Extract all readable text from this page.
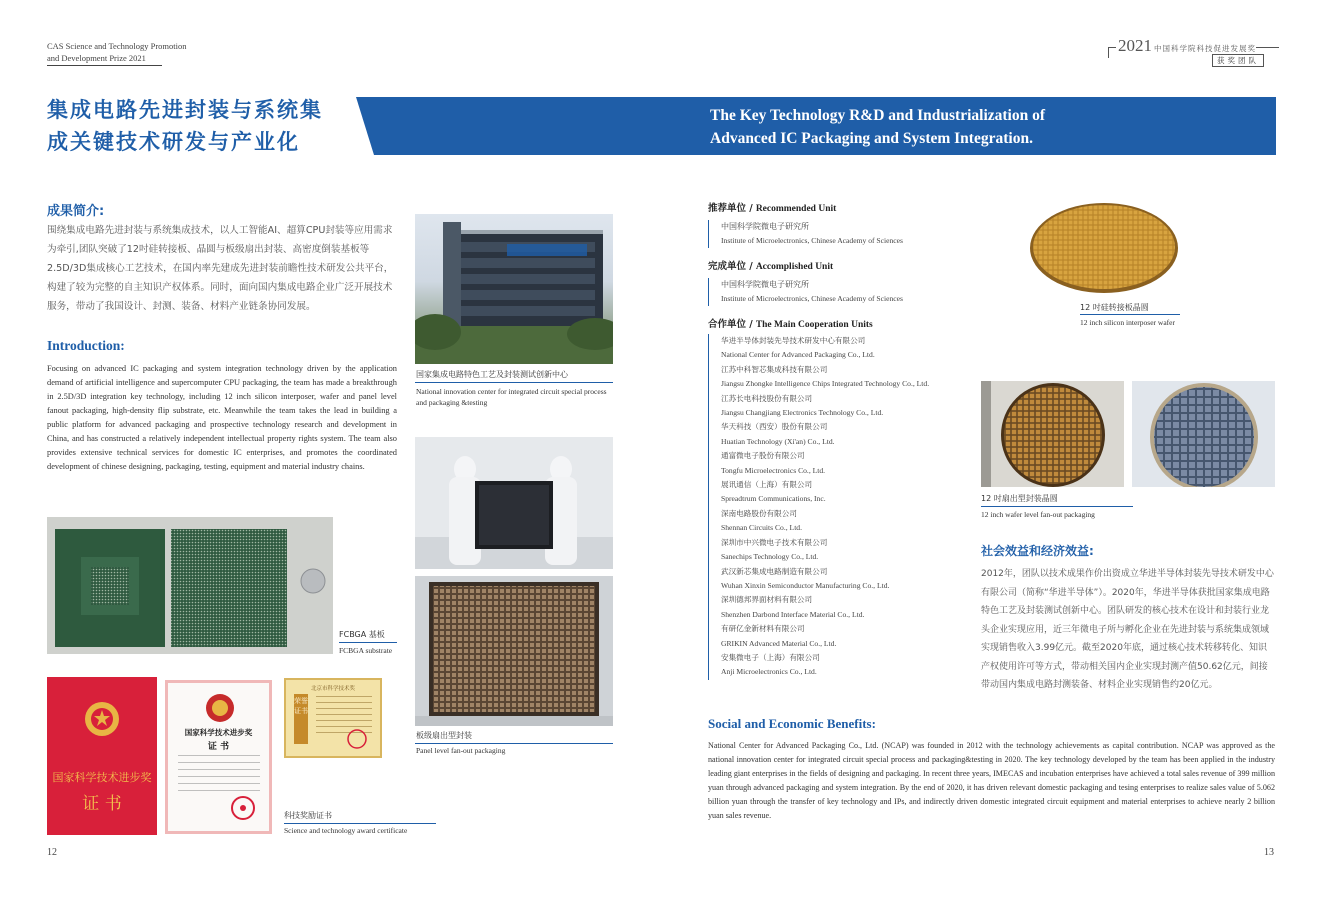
CAS Science and Technology Promotion
and Development Prize 2021
2021 中国科学院科技促进发展奖
获奖团队
集成电路先进封装与系统集
成关键技术研发与产业化
The Key Technology R&D and Industrialization of
Advanced IC Packaging and System Integration.
成果简介:
围绕集成电路先进封装与系统集成技术，以人工智能AI、超算CPU封装等应用需求为牵引,团队突破了12吋硅转接板、晶圆与板级扇出封装、高密度倒装基板等2.5D/3D集成核心工艺技术，在国内率先建成先进封装前瞻性技术研发公共平台，构建了较为完整的自主知识产权体系。同时，面向国内集成电路企业广泛开展技术服务，带动了我国设计、封测、装备、材料产业链条协同发展。
Introduction:
Focusing on advanced IC packaging and system integration technology driven by the application demand of artificial intelligence and supercomputer CPU packaging, the team has made a breakthrough in 2.5D/3D integration key technology, including 12 inch silicon interposer, wafer and panel level fanout packaging, high-density flip substrate, etc. Meanwhile the team takes the lead in building a public platform for advanced packaging and prospective technology research and development in China, and has constructed a relatively independent intellectual property rights system. The team also provides extensive technical services for domestic IC enterprises, and promotes the coordinated development of chinese designing, packaging, testing, equipment and material industry chains.
国家集成电路特色工艺及封装测试创新中心
National innovation center for integrated circuit special process and packaging &testing
板级扇出型封装
Panel level fan-out packaging
FCBGA 基板
FCBGA substrate
国家科学技术进步奖
证 书
国家科学技术进步奖
证 书
北京市科学技术奖
荣誉证书
科技奖励证书
Science and technology award certificate
12	13
推荐单位 / Recommended Unit
中国科学院微电子研究所
Institute of Microelectronics, Chinese Academy of Sciences
完成单位 / Accomplished Unit
中国科学院微电子研究所
Institute of Microelectronics, Chinese Academy of Sciences
合作单位 / The Main Cooperation Units
华进半导体封装先导技术研发中心有限公司
National Center for Advanced Packaging Co., Ltd.
江苏中科智芯集成科技有限公司
Jiangsu Zhongke Intelligence Chips Integrated Technology Co., Ltd.
江苏长电科技股份有限公司
Jiangsu Changjiang Electronics Technology Co., Ltd.
华天科技（西安）股份有限公司
Huatian Technology (Xi'an) Co., Ltd.
通富微电子股份有限公司
Tongfu Microelectronics Co., Ltd.
展讯通信（上海）有限公司
Spreadtrum Communications, Inc.
深南电路股份有限公司
Shennan Circuits Co., Ltd.
深圳市中兴微电子技术有限公司
Sanechips Technology Co., Ltd.
武汉新芯集成电路制造有限公司
Wuhan Xinxin Semiconductor Manufacturing Co., Ltd.
深圳德邦界面材料有限公司
Shenzhen Darbond Interface Material Co., Ltd.
有研亿金新材料有限公司
GRIKIN Advanced Material Co., Ltd.
安集微电子（上海）有限公司
Anji Microelectronics Co., Ltd.
12 吋硅转接板晶圆
12 inch silicon interposer wafer
12 吋扇出型封装晶圆
12 inch wafer level fan-out packaging
社会效益和经济效益:
2012年，团队以技术成果作价出资成立华进半导体封装先导技术研发中心有限公司（简称“华进半导体”）。2020年，华进半导体获批国家集成电路特色工艺及封装测试创新中心。团队研发的核心技术在设计和封装行业龙头企业实现应用，近三年微电子所与孵化企业在先进封装与系统集成领域实现销售收入3.99亿元。截至2020年底，通过核心技术转移转化、知识产权使用许可等方式，带动相关国内企业实现封测产值50.62亿元，间接带动国内集成电路封测装备、材料企业实现销售约20亿元。
Social and Economic Benefits:
National Center for Advanced Packaging Co., Ltd. (NCAP) was founded in 2012 with the technology achievements as capital contribution. NCAP was approved as the national innovation center for integrated circuit special process and packaging&testing in 2020. The key technology developed by the team has been applied in the industry leading giant enterprises in the fields of designing and packaging. In recent three years, IMECAS and incubation enterprises have achieved a total sales revenue of 399 million yuan through advanced packaging and system integration. By the end of 2020, it has driven relevant domestic packaging and tesing enterprises to realize sales value of 5.062 billion yuan through the transfer of key technology and IPs, and indirectly driven domestic integrated circuit equipment and material enterprises to achieve nearly 2 billion yuan sales revenue.
